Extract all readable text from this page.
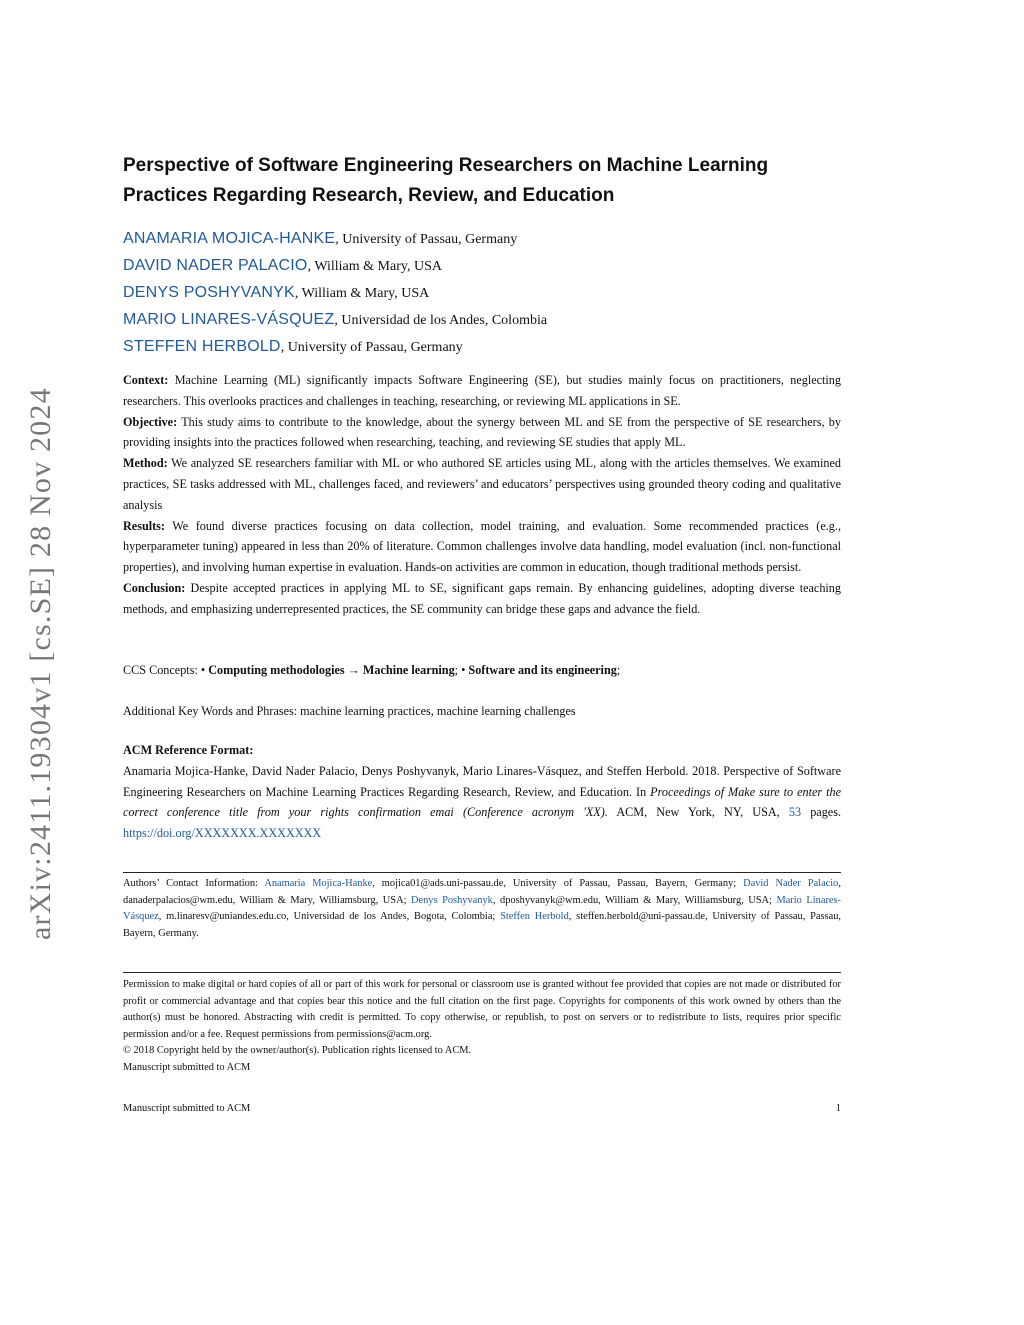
arXiv:2411.19304v1 [cs.SE] 28 Nov 2024
Perspective of Software Engineering Researchers on Machine Learning Practices Regarding Research, Review, and Education
ANAMARIA MOJICA-HANKE, University of Passau, Germany
DAVID NADER PALACIO, William & Mary, USA
DENYS POSHYVANYK, William & Mary, USA
MARIO LINARES-VÁSQUEZ, Universidad de los Andes, Colombia
STEFFEN HERBOLD, University of Passau, Germany

Context: Machine Learning (ML) significantly impacts Software Engineering (SE), but studies mainly focus on practitioners, neglecting researchers. This overlooks practices and challenges in teaching, researching, or reviewing ML applications in SE.

Objective: This study aims to contribute to the knowledge, about the synergy between ML and SE from the perspective of SE researchers, by providing insights into the practices followed when researching, teaching, and reviewing SE studies that apply ML.

Method: We analyzed SE researchers familiar with ML or who authored SE articles using ML, along with the articles themselves. We examined practices, SE tasks addressed with ML, challenges faced, and reviewers’ and educators’ perspectives using grounded theory coding and qualitative analysis

Results: We found diverse practices focusing on data collection, model training, and evaluation. Some recommended practices (e.g., hyperparameter tuning) appeared in less than 20% of literature. Common challenges involve data handling, model evaluation (incl. non-functional properties), and involving human expertise in evaluation. Hands-on activities are common in education, though traditional methods persist.

Conclusion: Despite accepted practices in applying ML to SE, significant gaps remain. By enhancing guidelines, adopting diverse teaching methods, and emphasizing underrepresented practices, the SE community can bridge these gaps and advance the field.

CCS Concepts: • Computing methodologies → Machine learning; • Software and its engineering;
Additional Key Words and Phrases: machine learning practices, machine learning challenges

ACM Reference Format:

Anamaria Mojica-Hanke, David Nader Palacio, Denys Poshyvanyk, Mario Linares-Vásquez, and Steffen Herbold. 2018. Perspective of Software Engineering Researchers on Machine Learning Practices Regarding Research, Review, and Education. In Proceedings of Make sure to enter the correct conference title from your rights confirmation emai (Conference acronym 'XX). ACM, New York, NY, USA, 53 pages. https://doi.org/XXXXXXX.XXXXXXX

Authors’ Contact Information: Anamaria Mojica-Hanke, mojica01@ads.uni-passau.de, University of Passau, Passau, Bayern, Germany; David Nader Palacio, danaderpalacios@wm.edu, William & Mary, Williamsburg, USA; Denys Poshyvanyk, dposhyvanyk@wm.edu, William & Mary, Williamsburg, USA; Mario Linares-Vásquez, m.linaresv@uniandes.edu.co, Universidad de los Andes, Bogota, Colombia; Steffen Herbold, steffen.herbold@uni-passau.de, University of Passau, Passau, Bayern, Germany.

Permission to make digital or hard copies of all or part of this work for personal or classroom use is granted without fee provided that copies are not made or distributed for profit or commercial advantage and that copies bear this notice and the full citation on the first page. Copyrights for components of this work owned by others than the author(s) must be honored. Abstracting with credit is permitted. To copy otherwise, or republish, to post on servers or to redistribute to lists, requires prior specific permission and/or a fee. Request permissions from permissions@acm.org.

© 2018 Copyright held by the owner/author(s). Publication rights licensed to ACM.

Manuscript submitted to ACM

Manuscript submitted to ACM	1
